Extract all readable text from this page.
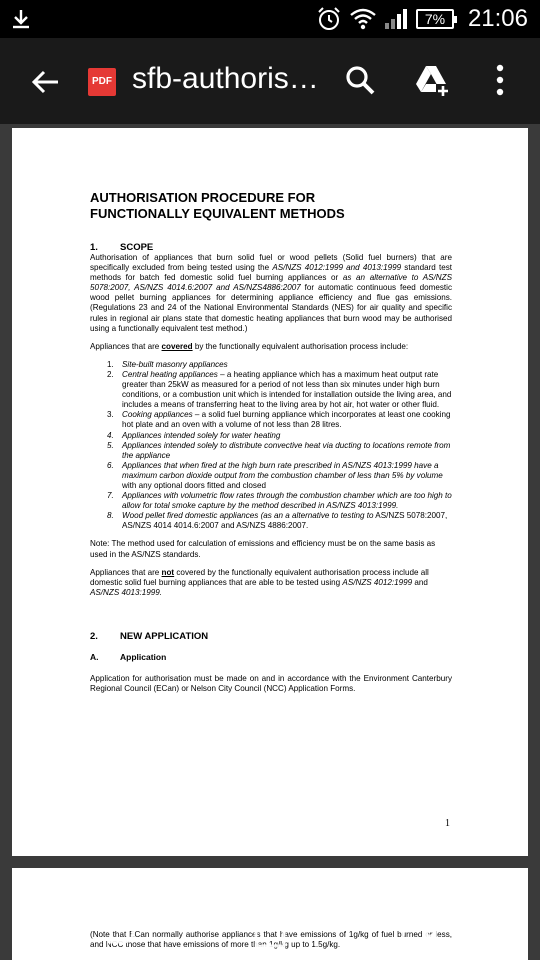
7% 21:06
PDF sfb-authoris…
AUTHORISATION PROCEDURE FOR
FUNCTIONALLY EQUIVALENT METHODS
1. SCOPE
Authorisation of appliances that burn solid fuel or wood pellets (Solid fuel burners) that are specifically excluded from being tested using the AS/NZS 4012:1999 and 4013:1999 standard test methods for batch fed domestic solid fuel burning appliances or as an alternative to AS/NZS 5078:2007, AS/NZS 4014.6:2007 and AS/NZS4886:2007 for automatic continuous feed domestic wood pellet burning appliances for determining appliance efficiency and flue gas emissions. (Regulations 23 and 24 of the National Environmental Standards (NES) for air quality and specific rules in regional air plans state that domestic heating appliances that burn wood may be authorised using a functionally equivalent test method.)
Appliances that are covered by the functionally equivalent authorisation process include:
1. Site-built masonry appliances
2. Central heating appliances – a heating appliance which has a maximum heat output rate greater than 25kW as measured for a period of not less than six minutes under high burn conditions, or a combustion unit which is intended for installation outside the living area, and includes a means of transferring heat to the living area by hot air, hot water or other fluid.
3. Cooking appliances – a solid fuel burning appliance which incorporates at least one cooking hot plate and an oven with a volume of not less than 28 litres.
4. Appliances intended solely for water heating
5. Appliances intended solely to distribute convective heat via ducting to locations remote from the appliance
6. Appliances that when fired at the high burn rate prescribed in AS/NZS 4013:1999 have a maximum carbon dioxide output from the combustion chamber of less than 5% by volume with any optional doors fitted and closed
7. Appliances with volumetric flow rates through the combustion chamber which are too high to allow for total smoke capture by the method described in AS/NZS 4013:1999.
8. Wood pellet fired domestic appliances (as an a alternative to testing to AS/NZS 5078:2007, AS/NZS 4014 4014.6:2007 and AS/NZS 4886:2007.
Note: The method used for calculation of emissions and efficiency must be on the same basis as used in the AS/NZS standards.
Appliances that are not covered by the functionally equivalent authorisation process include all domestic solid fuel burning appliances that are able to be tested using AS/NZS 4012:1999 and AS/NZS 4013:1999.
2. NEW APPLICATION
A.	Application
Application for authorisation must be made on and in accordance with the Environment Canterbury Regional Council (ECan) or Nelson City Council (NCC) Application Forms.
1
(Note that ECan normally authorise appliances that have emissions of 1g/kg of fuel burned or less, and NCC those that have emissions of more than 1g/kg up to 1.5g/kg.
